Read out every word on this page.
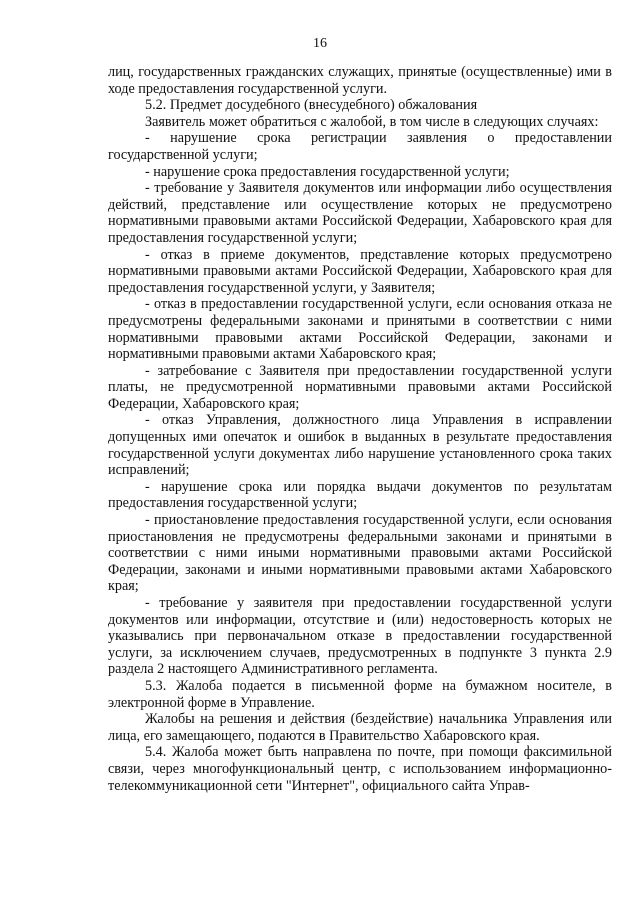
16

лиц, государственных гражданских служащих, принятые (осуществленные) ими в ходе предоставления государственной услуги.

5.2. Предмет досудебного (внесудебного) обжалования

Заявитель может обратиться с жалобой, в том числе в следующих случаях:

- нарушение срока регистрации заявления о предоставлении государственной услуги;

- нарушение срока предоставления государственной услуги;

- требование у Заявителя документов или информации либо осуществления действий, представление или осуществление которых не предусмотрено нормативными правовыми актами Российской Федерации, Хабаровского края для предоставления государственной услуги;

- отказ в приеме документов, представление которых предусмотрено нормативными правовыми актами Российской Федерации, Хабаровского края для предоставления государственной услуги, у Заявителя;

- отказ в предоставлении государственной услуги, если основания отказа не предусмотрены федеральными законами и принятыми в соответствии с ними нормативными правовыми актами Российской Федерации, законами и нормативными правовыми актами Хабаровского края;

- затребование с Заявителя при предоставлении государственной услуги платы, не предусмотренной нормативными правовыми актами Российской Федерации, Хабаровского края;

- отказ Управления, должностного лица Управления в исправлении допущенных ими опечаток и ошибок в выданных в результате предоставления государственной услуги документах либо нарушение установленного срока таких исправлений;

- нарушение срока или порядка выдачи документов по результатам предоставления государственной услуги;

- приостановление предоставления государственной услуги, если основания приостановления не предусмотрены федеральными законами и принятыми в соответствии с ними иными нормативными правовыми актами Российской Федерации, законами и иными нормативными правовыми актами Хабаровского края;

- требование у заявителя при предоставлении государственной услуги документов или информации, отсутствие и (или) недостоверность которых не указывались при первоначальном отказе в предоставлении государственной услуги, за исключением случаев, предусмотренных в подпункте 3 пункта 2.9 раздела 2 настоящего Административного регламента.

5.3. Жалоба подается в письменной форме на бумажном носителе, в электронной форме в Управление.

Жалобы на решения и действия (бездействие) начальника Управления или лица, его замещающего, подаются в Правительство Хабаровского края.

5.4. Жалоба может быть направлена по почте, при помощи факсимильной связи, через многофункциональный центр, с использованием информационно-телекоммуникационной сети "Интернет", официального сайта Управ-
